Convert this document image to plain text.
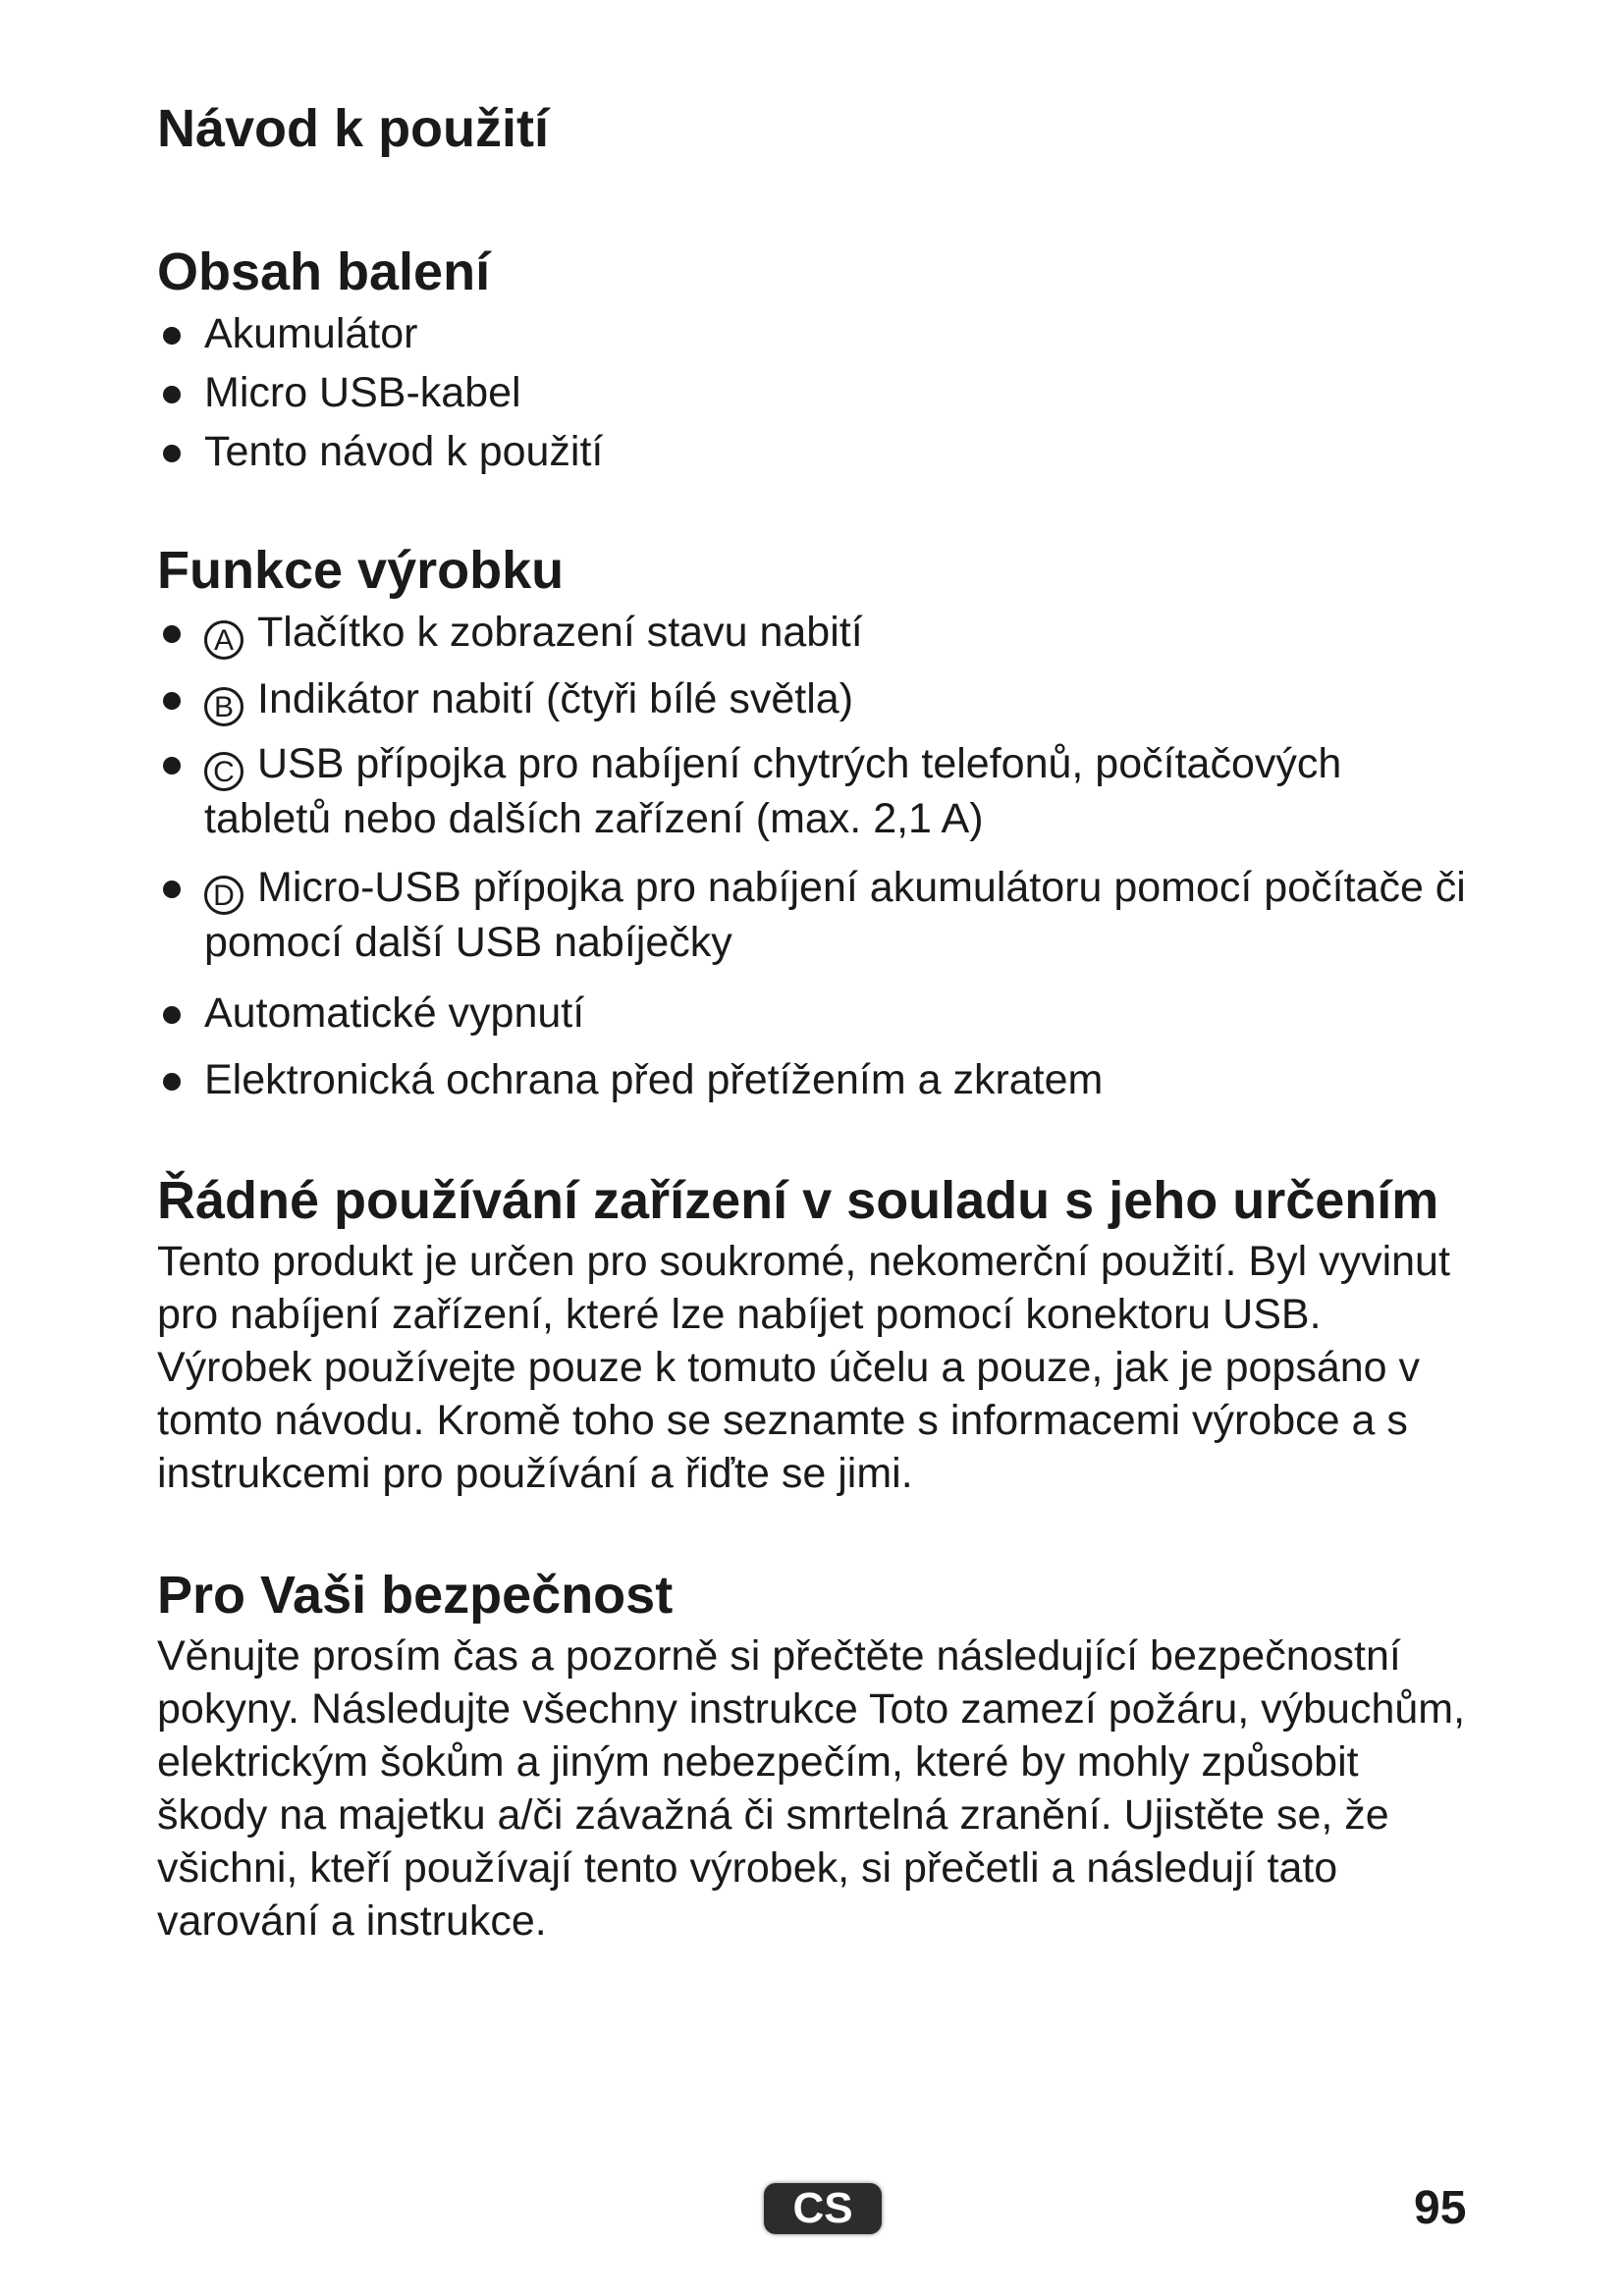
Návod k použití
Obsah balení
Akumulátor
Micro USB-kabel
Tento návod k použití
Funkce výrobku
A Tlačítko k zobrazení stavu nabití
B Indikátor nabití (čtyři bílé světla)
C USB přípojka pro nabíjení chytrých telefonů, počítačových tabletů nebo dalších zařízení (max. 2,1 A)
D Micro-USB přípojka pro nabíjení akumulátoru pomocí počítače či pomocí další USB nabíječky
Automatické vypnutí
Elektronická ochrana před přetížením a zkratem
Řádné používání zařízení v souladu s jeho určením

Tento produkt je určen pro soukromé, nekomerční použití. Byl vyvinut pro nabíjení zařízení, které lze nabíjet pomocí konektoru USB. Výrobek používejte pouze k tomuto účelu a pouze, jak je popsáno v tomto návodu. Kromě toho se seznamte s informacemi výrobce a s instrukcemi pro používání a řiďte se jimi.

Pro Vaši bezpečnost

Věnujte prosím čas a pozorně si přečtěte následující bezpečnostní pokyny. Následujte všechny instrukce Toto zamezí požáru, výbuchům, elektrickým šokům a jiným nebezpečím, které by mohly způsobit škody na majetku a/či závažná či smrtelná zranění. Ujistěte se, že všichni, kteří používají tento výrobek, si přečetli a následují tato varování a instrukce.

CS	95
